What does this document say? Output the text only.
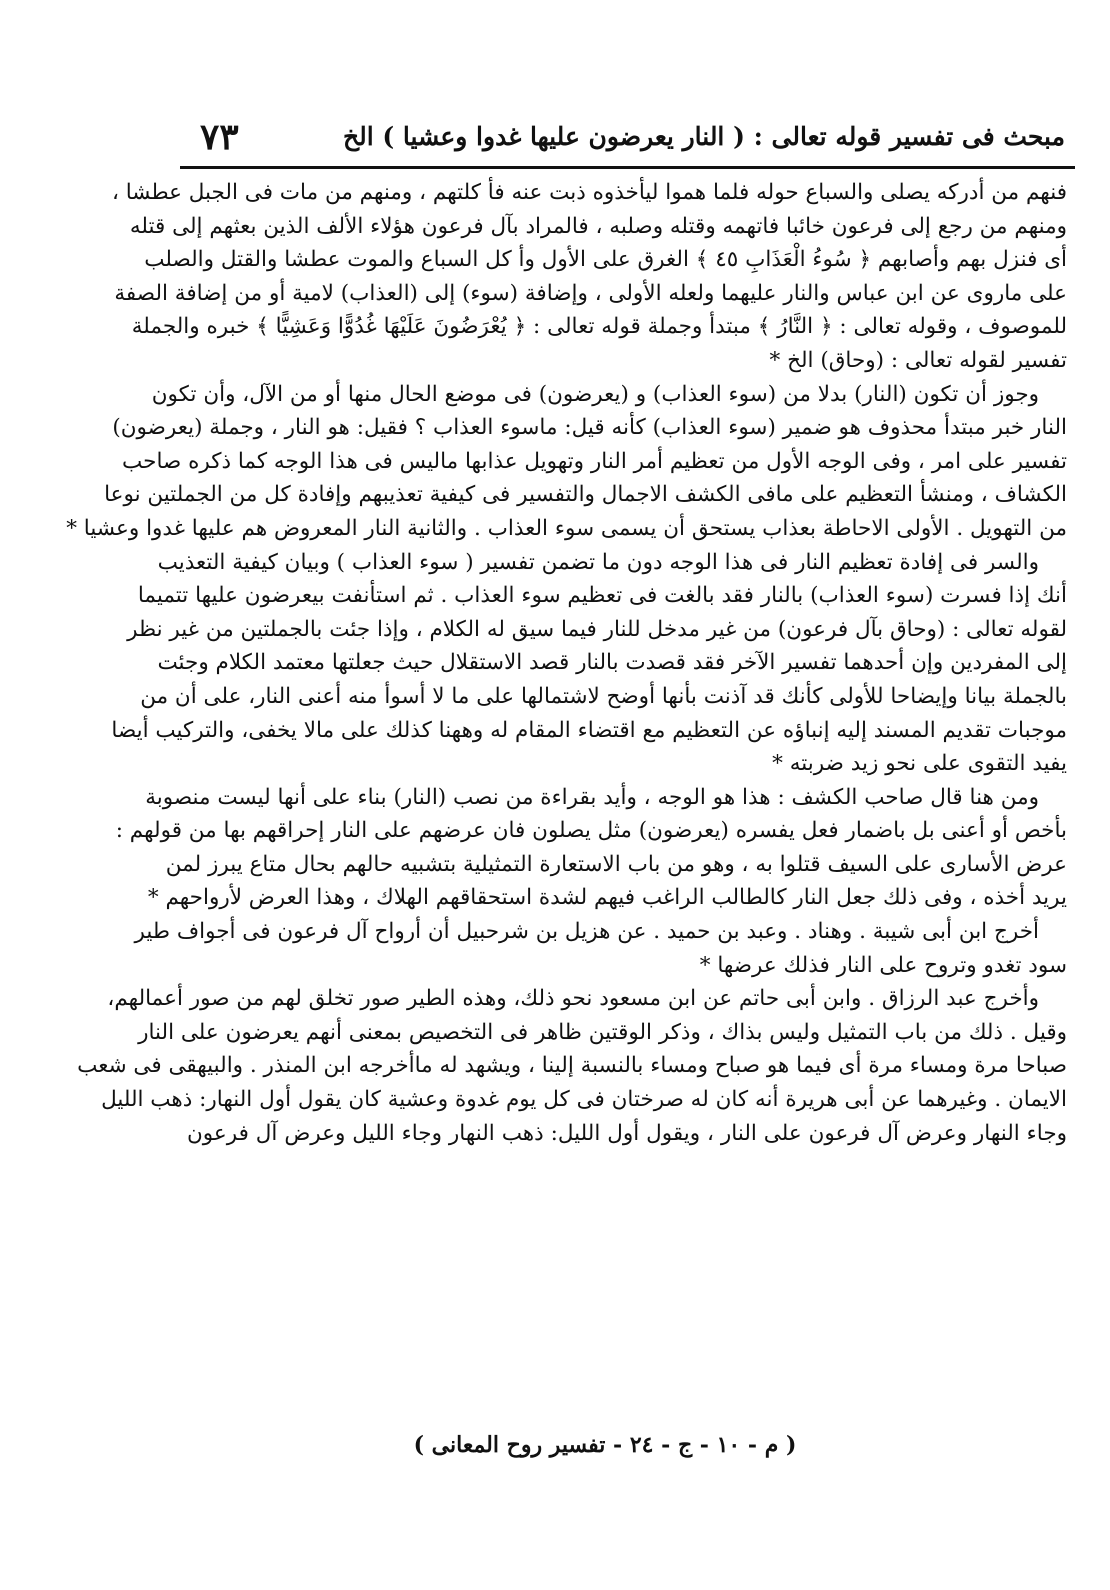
مبحث فى تفسير قوله تعالى : ( النار يعرضون عليها غدوا وعشيا ) الخ
٧٣
فنهم من أدركه يصلى والسباع حوله فلما هموا ليأخذوه ذبت عنه فأ كلتهم ، ومنهم من مات فى الجبل عطشا ،
ومنهم من رجع إلى فرعون خائبا فاتهمه وقتله وصلبه ، فالمراد بآل فرعون هؤلاء الألف الذين بعثهم إلى قتله
أى فنزل بهم وأصابهم ﴿ سُوءُ الْعَذَابِ ٤٥ ﴾ الغرق على الأول وأ كل السباع والموت عطشا والقتل والصلب
على ماروى عن ابن عباس والنار عليهما ولعله الأولى ، وإضافة (سوء) إلى (العذاب) لامية أو من إضافة الصفة
للموصوف ، وقوله تعالى : ﴿ النَّارُ ﴾ مبتدأ وجملة قوله تعالى : ﴿ يُعْرَضُونَ عَلَيْهَا غُدُوًّا وَعَشِيًّا ﴾ خبره والجملة
تفسير لقوله تعالى : (وحاق) الخ *
وجوز أن تكون (النار) بدلا من (سوء العذاب) و (يعرضون) فى موضع الحال منها أو من الآل، وأن تكون
النار خبر مبتدأ محذوف هو ضمير (سوء العذاب) كأنه قيل: ماسوء العذاب ؟ فقيل: هو النار ، وجملة (يعرضون)
تفسير على امر ، وفى الوجه الأول من تعظيم أمر النار وتهويل عذابها ماليس فى هذا الوجه كما ذكره صاحب
الكشاف ، ومنشأ التعظيم على مافى الكشف الاجمال والتفسير فى كيفية تعذيبهم وإفادة كل من الجملتين نوعا
من التهويل . الأولى الاحاطة بعذاب يستحق أن يسمى سوء العذاب . والثانية النار المعروض هم عليها غدوا وعشيا *
والسر فى إفادة تعظيم النار فى هذا الوجه دون ما تضمن تفسير ( سوء العذاب ) وبيان كيفية التعذيب
أنك إذا فسرت (سوء العذاب) بالنار فقد بالغت فى تعظيم سوء العذاب . ثم استأنفت بيعرضون عليها تتميما
لقوله تعالى : (وحاق بآل فرعون) من غير مدخل للنار فيما سيق له الكلام ، وإذا جئت بالجملتين من غير نظر
إلى المفردين وإن أحدهما تفسير الآخر فقد قصدت بالنار قصد الاستقلال حيث جعلتها معتمد الكلام وجئت
بالجملة بيانا وإيضاحا للأولى كأنك قد آذنت بأنها أوضح لاشتمالها على ما لا أسوأ منه أعنى النار، على أن من
موجبات تقديم المسند إليه إنباؤه عن التعظيم مع اقتضاء المقام له وههنا كذلك على مالا يخفى، والتركيب أيضا
يفيد التقوى على نحو زيد ضربته *
ومن هنا قال صاحب الكشف : هذا هو الوجه ، وأيد بقراءة من نصب (النار) بناء على أنها ليست منصوبة
بأخص أو أعنى بل باضمار فعل يفسره (يعرضون) مثل يصلون فان عرضهم على النار إحراقهم بها من قولهم :
عرض الأسارى على السيف قتلوا به ، وهو من باب الاستعارة التمثيلية بتشبيه حالهم بحال متاع يبرز لمن
يريد أخذه ، وفى ذلك جعل النار كالطالب الراغب فيهم لشدة استحقاقهم الهلاك ، وهذا العرض لأرواحهم *
أخرج ابن أبى شيبة . وهناد . وعبد بن حميد . عن هزيل بن شرحبيل أن أرواح آل فرعون فى أجواف طير
سود تغدو وتروح على النار فذلك عرضها *
وأخرج عبد الرزاق . وابن أبى حاتم عن ابن مسعود نحو ذلك، وهذه الطير صور تخلق لهم من صور أعمالهم،
وقيل . ذلك من باب التمثيل وليس بذاك ، وذكر الوقتين ظاهر فى التخصيص بمعنى أنهم يعرضون على النار
صباحا مرة ومساء مرة أى فيما هو صباح ومساء بالنسبة إلينا ، ويشهد له ماأخرجه ابن المنذر . والبيهقى فى شعب
الايمان . وغيرهما عن أبى هريرة أنه كان له صرختان فى كل يوم غدوة وعشية كان يقول أول النهار: ذهب الليل
وجاء النهار وعرض آل فرعون على النار ، ويقول أول الليل: ذهب النهار وجاء الليل وعرض آل فرعون
( م - ١٠ - ج - ٢٤ - تفسير روح المعانى )
